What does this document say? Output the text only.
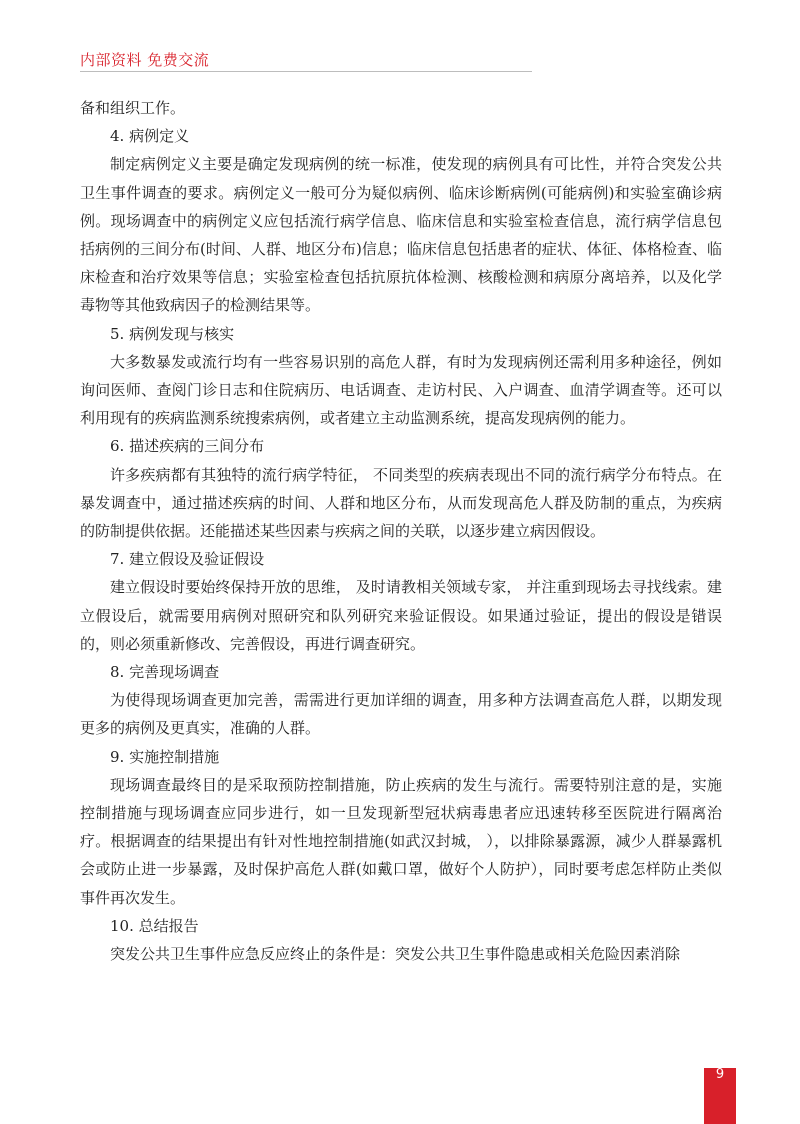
内部资料 免费交流

备和组织工作。

4. 病例定义

制定病例定义主要是确定发现病例的统一标准，使发现的病例具有可比性，并符合突发公共卫生事件调查的要求。病例定义一般可分为疑似病例、临床诊断病例(可能病例)和实验室确诊病例。现场调查中的病例定义应包括流行病学信息、临床信息和实验室检查信息，流行病学信息包括病例的三间分布(时间、人群、地区分布)信息；临床信息包括患者的症状、体征、体格检查、临床检查和治疗效果等信息；实验室检查包括抗原抗体检测、核酸检测和病原分离培养，以及化学毒物等其他致病因子的检测结果等。

5. 病例发现与核实

大多数暴发或流行均有一些容易识别的高危人群，有时为发现病例还需利用多种途径，例如询问医师、查阅门诊日志和住院病历、电话调查、走访村民、入户调查、血清学调查等。还可以利用现有的疾病监测系统搜索病例，或者建立主动监测系统，提高发现病例的能力。

6. 描述疾病的三间分布

许多疾病都有其独特的流行病学特征， 不同类型的疾病表现出不同的流行病学分布特点。在暴发调查中，通过描述疾病的时间、人群和地区分布，从而发现高危人群及防制的重点，为疾病的防制提供依据。还能描述某些因素与疾病之间的关联，以逐步建立病因假设。

7. 建立假设及验证假设

建立假设时要始终保持开放的思维， 及时请教相关领域专家， 并注重到现场去寻找线索。建立假设后，就需要用病例对照研究和队列研究来验证假设。如果通过验证，提出的假设是错误的，则必须重新修改、完善假设，再进行调查研究。

8. 完善现场调查

为使得现场调查更加完善，需需进行更加详细的调查，用多种方法调查高危人群，以期发现更多的病例及更真实，准确的人群。

9. 实施控制措施

现场调查最终目的是采取预防控制措施，防止疾病的发生与流行。需要特别注意的是，实施控制措施与现场调查应同步进行，如一旦发现新型冠状病毒患者应迅速转移至医院进行隔离治疗。根据调查的结果提出有针对性地控制措施(如武汉封城， ），以排除暴露源，减少人群暴露机会或防止进一步暴露，及时保护高危人群(如戴口罩，做好个人防护），同时要考虑怎样防止类似事件再次发生。

10. 总结报告

突发公共卫生事件应急反应终止的条件是：突发公共卫生事件隐患或相关危险因素消除

9
